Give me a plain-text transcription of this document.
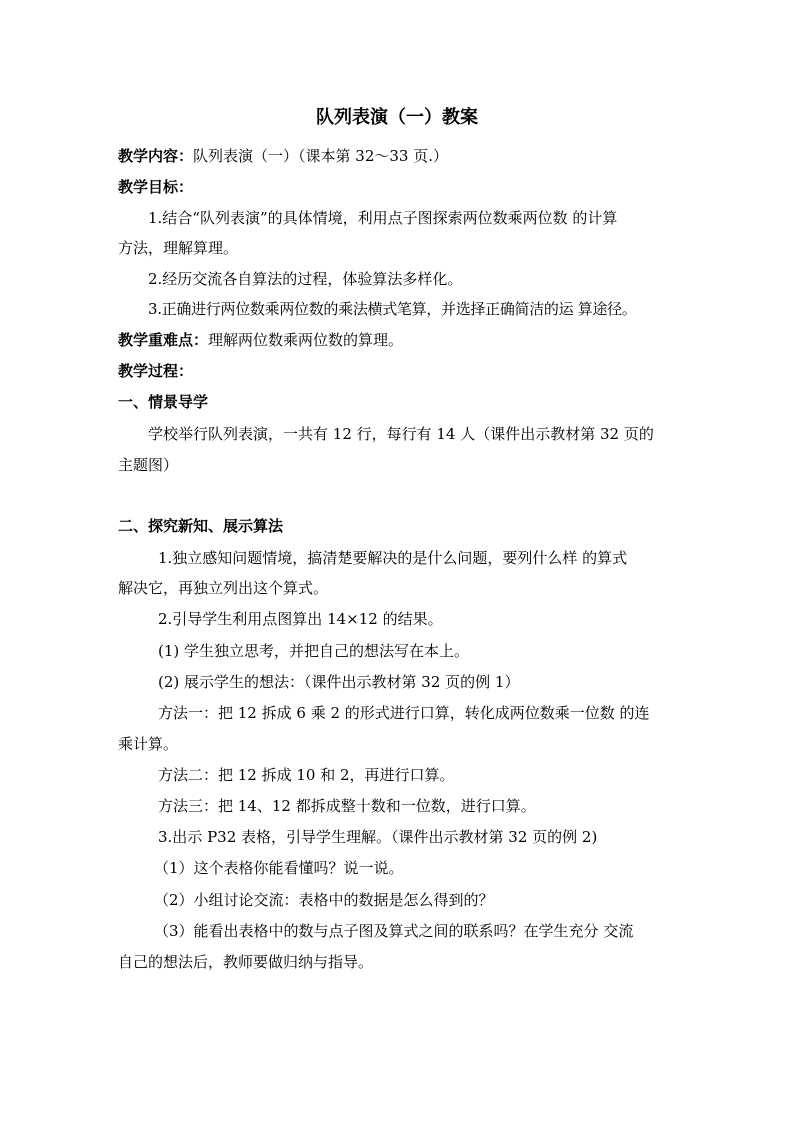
队列表演（一）教案
教学内容：队列表演（一）（课本第 32～33 页.）
教学目标：
1.结合“队列表演”的具体情境，利用点子图探索两位数乘两位数 的计算
方法，理解算理。
2.经历交流各自算法的过程，体验算法多样化。
3.正确进行两位数乘两位数的乘法横式笔算，并选择正确简洁的运 算途径。
教学重难点：理解两位数乘两位数的算理。
教学过程：
一、情景导学
学校举行队列表演，一共有 12 行，每行有 14 人（课件出示教材第 32 页的
主题图）
二、探究新知、展示算法
1.独立感知问题情境，搞清楚要解决的是什么问题，要列什么样 的算式
解决它，再独立列出这个算式。
2.引导学生利用点图算出 14×12 的结果。
(1) 学生独立思考，并把自己的想法写在本上。
(2) 展示学生的想法：（课件出示教材第 32 页的例 1）
方法一：把 12 拆成 6 乘 2 的形式进行口算，转化成两位数乘一位数 的连
乘计算。
方法二：把 12 拆成 10 和 2，再进行口算。
方法三：把 14、12 都拆成整十数和一位数，进行口算。
3.出示 P32 表格，引导学生理解。（课件出示教材第 32 页的例 2)
（1）这个表格你能看懂吗？说一说。
（2）小组讨论交流：表格中的数据是怎么得到的？
（3）能看出表格中的数与点子图及算式之间的联系吗？在学生充分 交流
自己的想法后，教师要做归纳与指导。
